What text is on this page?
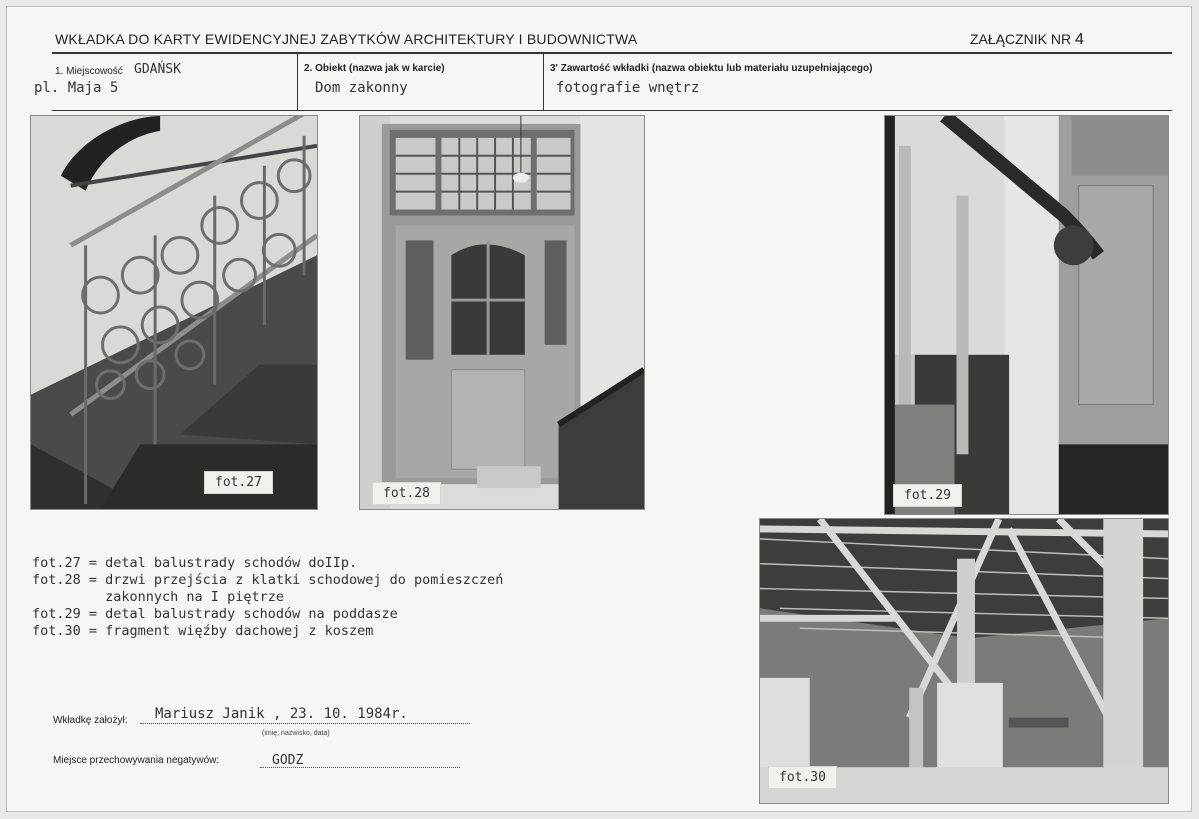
WKŁADKA DO KARTY EWIDENCYJNEJ ZABYTKÓW ARCHITEKTURY I BUDOWNICTWA	ZAŁĄCZNIK NR 4
1. Miejscowość GDAŃSK
pl. Maja 5
2. Obiekt (nazwa jak w karcie)
Dom zakonny
3' Zawartość wkładki (nazwa obiektu lub materiału uzupełniającego)
fotografie wnętrz
fot.27
fot.28	fot.29
fot.30
fot.27 = detal balustrady schodów doIIp.
fot.28 = drzwi przejścia z klatki schodowej do pomieszczeń
zakonnych na I piętrze
fot.29 = detal balustrady schodów na poddasze
fot.30 = fragment więźby dachowej z koszem
Wkładkę założył: Mariusz Janik , 23. 10. 1984r.
(imię, nazwisko, data)
Miejsce przechowywania negatywów:	GODZ
